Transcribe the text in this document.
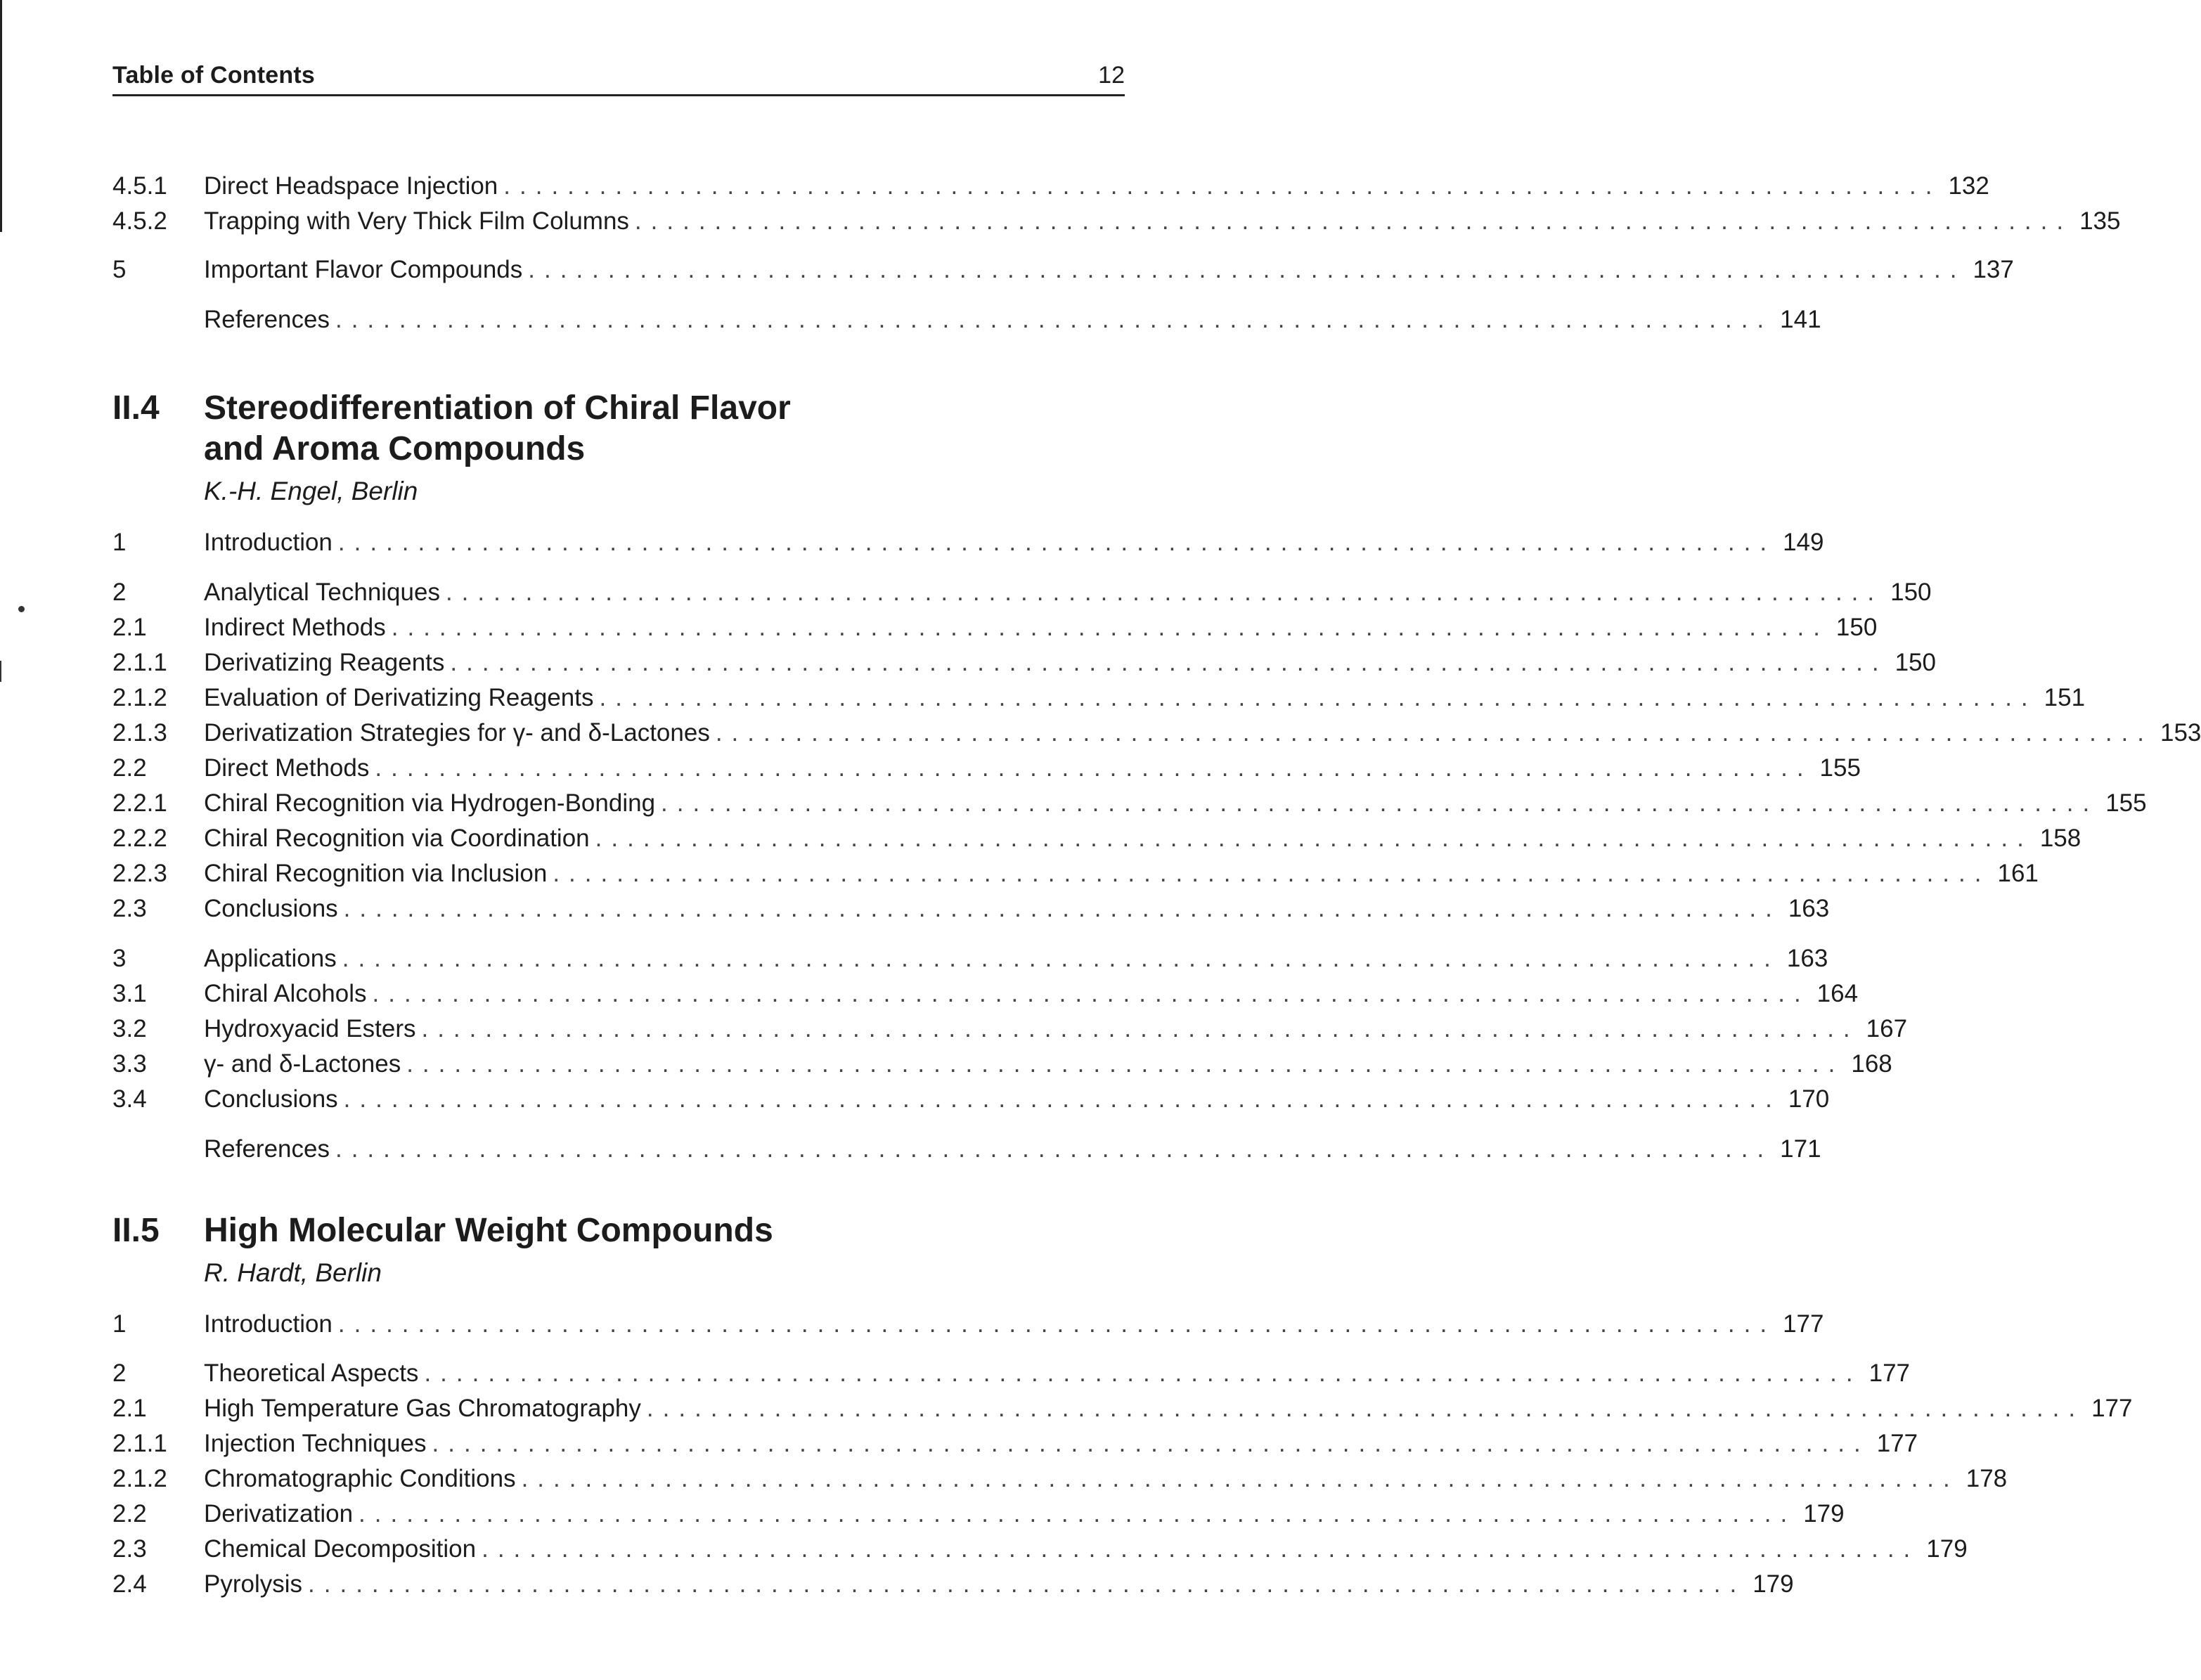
Table of Contents	12
4.5.1 Direct Headspace Injection .......................................................................................... 132
4.5.2 Trapping with Very Thick Film Columns .......................................................................................... 135
5	Important Flavor Compounds .......................................................................................... 137
References .......................................................................................... 141
II.4 Stereodifferentiation of Chiral Flavor
and Aroma Compounds
K.-H. Engel, Berlin
1	Introduction .......................................................................................... 149
2	Analytical Techniques .......................................................................................... 150
2.1 Indirect Methods .......................................................................................... 150
2.1.1 Derivatizing Reagents .......................................................................................... 150
2.1.2 Evaluation of Derivatizing Reagents .......................................................................................... 151
2.1.3 Derivatization Strategies for γ- and δ-Lactones .......................................................................................... 153
2.2 Direct Methods .......................................................................................... 155
2.2.1 Chiral Recognition via Hydrogen-Bonding .......................................................................................... 155
2.2.2 Chiral Recognition via Coordination .......................................................................................... 158
2.2.3 Chiral Recognition via Inclusion .......................................................................................... 161
2.3 Conclusions .......................................................................................... 163
3	Applications .......................................................................................... 163
3.1 Chiral Alcohols .......................................................................................... 164
3.2 Hydroxyacid Esters .......................................................................................... 167
3.3 γ- and δ-Lactones .......................................................................................... 168
3.4 Conclusions .......................................................................................... 170
References .......................................................................................... 171
II.5 High Molecular Weight Compounds
R. Hardt, Berlin
1	Introduction .......................................................................................... 177
2	Theoretical Aspects .......................................................................................... 177
2.1 High Temperature Gas Chromatography .......................................................................................... 177
2.1.1 Injection Techniques .......................................................................................... 177
2.1.2 Chromatographic Conditions .......................................................................................... 178
2.2 Derivatization .......................................................................................... 179
2.3 Chemical Decomposition .......................................................................................... 179
2.4 Pyrolysis .......................................................................................... 179
